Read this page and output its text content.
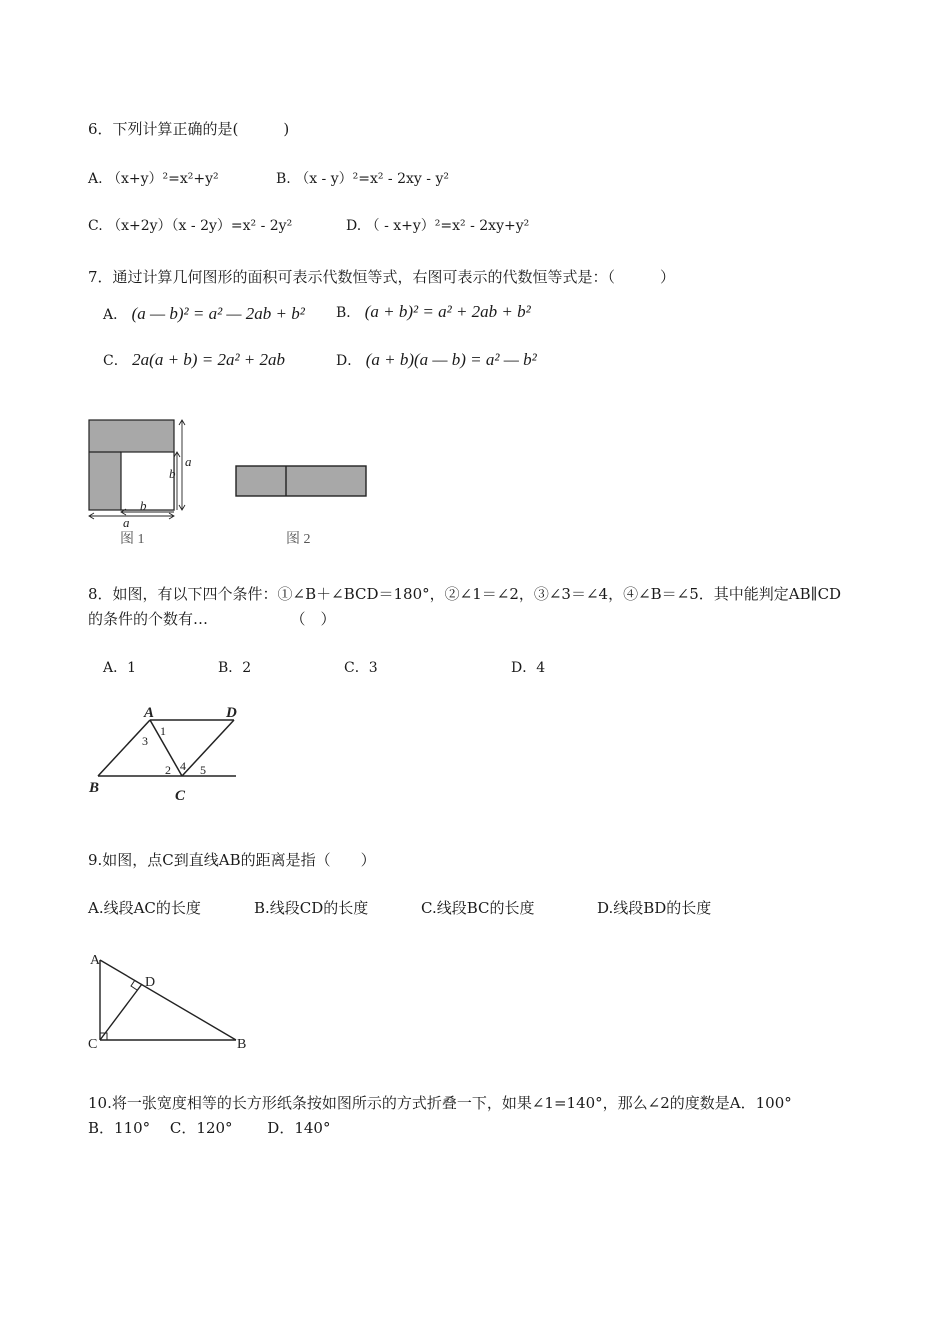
6．下列计算正确的是(　　　)
A. （x+y）²=x²+y²	B. （x - y）²=x² - 2xy - y²
C. （x+2y）（x - 2y）=x² - 2y²	D. （ - x+y）²=x² - 2xy+y²
7．通过计算几何图形的面积可表示代数恒等式，右图可表示的代数恒等式是：（　　　）
A． (a — b)² = a² — 2ab + b² B． (a + b)² = a² + 2ab + b²
C． 2a(a + b) = 2a² + 2ab	D． (a + b)(a — b) = a² — b²
a
b
b
a
图 1	图 2
8．如图，有以下四个条件：①∠B＋∠BCD＝180°，②∠1＝∠2，③∠3＝∠4，④∠B＝∠5．其中能判定AB∥CD
的条件的个数有…　　　　　　（　）
A．1	B．2	C．3	D．4
A	D
B	C
1
3
2 4 5
9.如图，点C到直线AB的距离是指（　　）
A.线段AC的长度	B.线段CD的长度	C.线段BC的长度	D.线段BD的长度
A
D
C	B
10.将一张宽度相等的长方形纸条按如图所示的方式折叠一下，如果∠1=140°，那么∠2的度数是A．100°
B．110°　 C．120°　　 D．140°
